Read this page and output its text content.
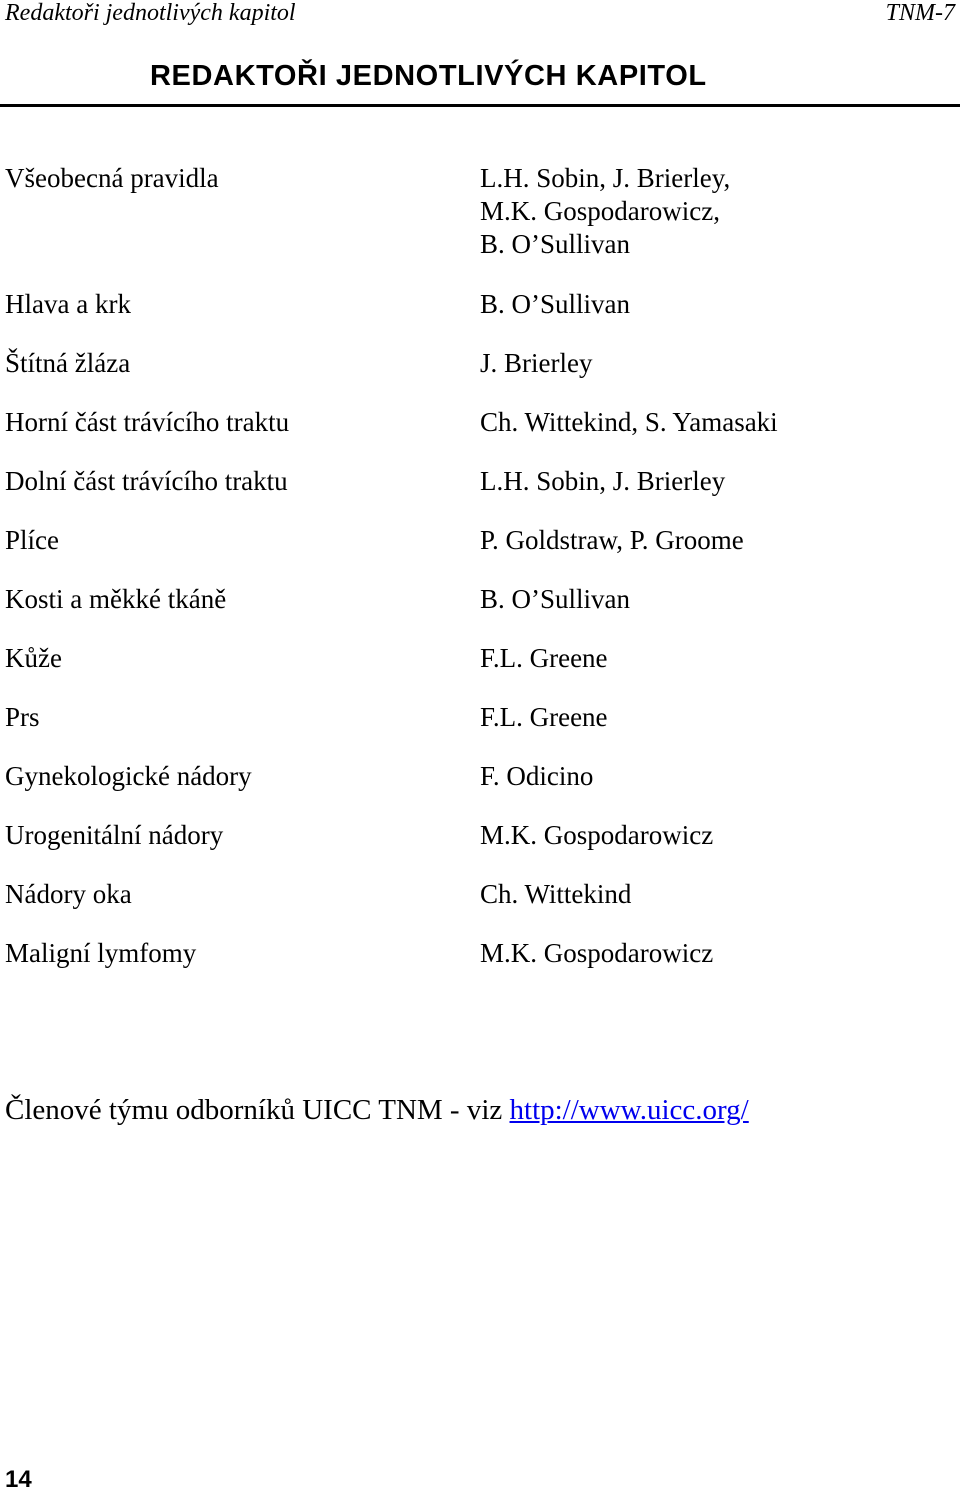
Redaktoři jednotlivých kapitol	TNM-7
REDAKTOŘI JEDNOTLIVÝCH KAPITOL
Všeobecná pravidla	L.H. Sobin, J. Brierley,
M.K. Gospodarowicz,
B. O’Sullivan
Hlava a krk	B. O’Sullivan
Štítná žláza	J. Brierley
Horní část trávícího traktu	Ch. Wittekind, S. Yamasaki
Dolní část trávícího traktu	L.H. Sobin, J. Brierley
Plíce	P. Goldstraw, P. Groome
Kosti a měkké tkáně	B. O’Sullivan
Kůže	F.L. Greene
Prs	F.L. Greene
Gynekologické nádory	F. Odicino
Urogenitální nádory	M.K. Gospodarowicz
Nádory oka	Ch. Wittekind
Maligní lymfomy	M.K. Gospodarowicz
Členové týmu odborníků UICC TNM - viz http://www.uicc.org/
14
